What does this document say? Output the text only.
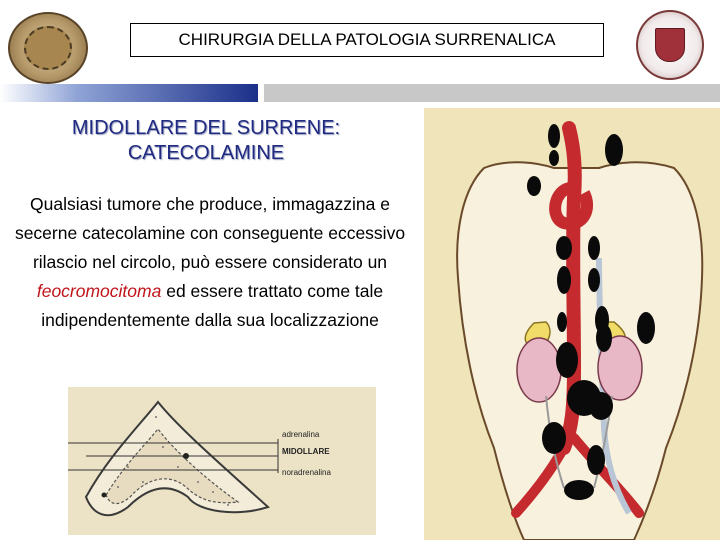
CHIRURGIA DELLA PATOLOGIA SURRENALICA
MIDOLLARE DEL SURRENE:
CATECOLAMINE
Qualsiasi tumore che produce, immagazzina e secerne catecolamine con conseguente eccessivo rilascio nel circolo, può essere considerato un feocromocitoma ed essere trattato come tale indipendentemente dalla sua localizzazione
adrenalina
MIDOLLARE
noradrenalina
